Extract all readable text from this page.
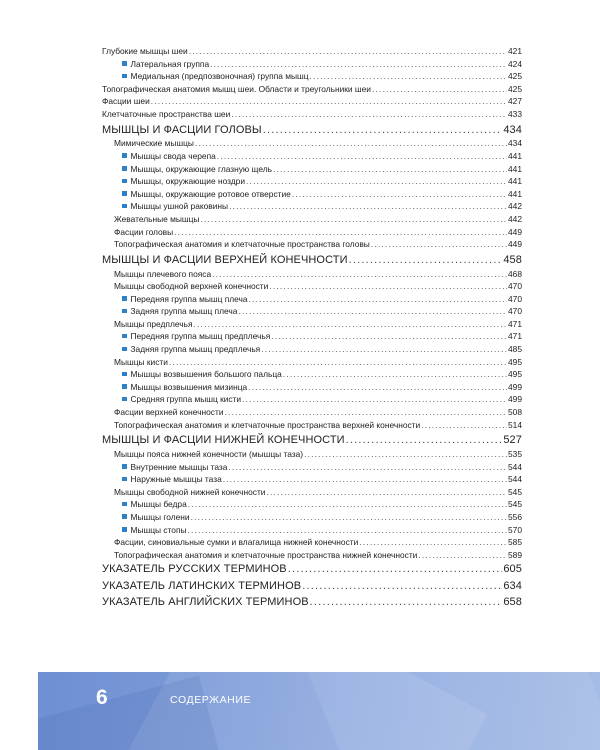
Глубокие мышцы шеи .....	421
Латеральная группа .....	424
Медиальная (предпозвоночная) группа мышц .....	425
Топографическая анатомия мышц шеи. Области и треугольники шеи .....	425
Фасции шеи .....	427
Клетчаточные пространства шеи .....	433
МЫШЦЫ И ФАСЦИИ ГОЛОВЫ .....	434
Мимические мышцы .....	434
Мышцы свода черепа .....	441
Мышцы, окружающие глазную щель .....	441
Мышцы, окружающие ноздри .....	441
Мышцы, окружающие ротовое отверстие .....	441
Мышцы ушной раковины .....	442
Жевательные мышцы .....	442
Фасции головы .....	449
Топографическая анатомия и клетчаточные пространства головы .....	449
МЫШЦЫ И ФАСЦИИ ВЕРХНЕЙ КОНЕЧНОСТИ .....	458
Мышцы плечевого пояса .....	468
Мышцы свободной верхней конечности .....	470
Передняя группа мышц плеча .....	470
Задняя группа мышц плеча .....	470
Мышцы предплечья .....	471
Передняя группа мышц предплечья .....	471
Задняя группа мышц предплечья .....	485
Мышцы кисти .....	495
Мышцы возвышения большого пальца .....	495
Мышцы возвышения мизинца .....	499
Средняя группа мышц кисти .....	499
Фасции верхней конечности .....	508
Топографическая анатомия и клетчаточные пространства верхней конечности .....	514
МЫШЦЫ И ФАСЦИИ НИЖНЕЙ КОНЕЧНОСТИ .....	527
Мышцы пояса нижней конечности (мышцы таза) .....	535
Внутренние мышцы таза .....	544
Наружные мышцы таза .....	544
Мышцы свободной нижней конечности .....	545
Мышцы бедра .....	545
Мышцы голени .....	556
Мышцы стопы .....	570
Фасции, синовиальные сумки и влагалища нижней конечности .....	585
Топографическая анатомия и клетчаточные пространства нижней конечности .....	589
УКАЗАТЕЛЬ РУССКИХ ТЕРМИНОВ .....	605
УКАЗАТЕЛЬ ЛАТИНСКИХ ТЕРМИНОВ .....	634
УКАЗАТЕЛЬ АНГЛИЙСКИХ ТЕРМИНОВ .....	658
6	СОДЕРЖАНИЕ
